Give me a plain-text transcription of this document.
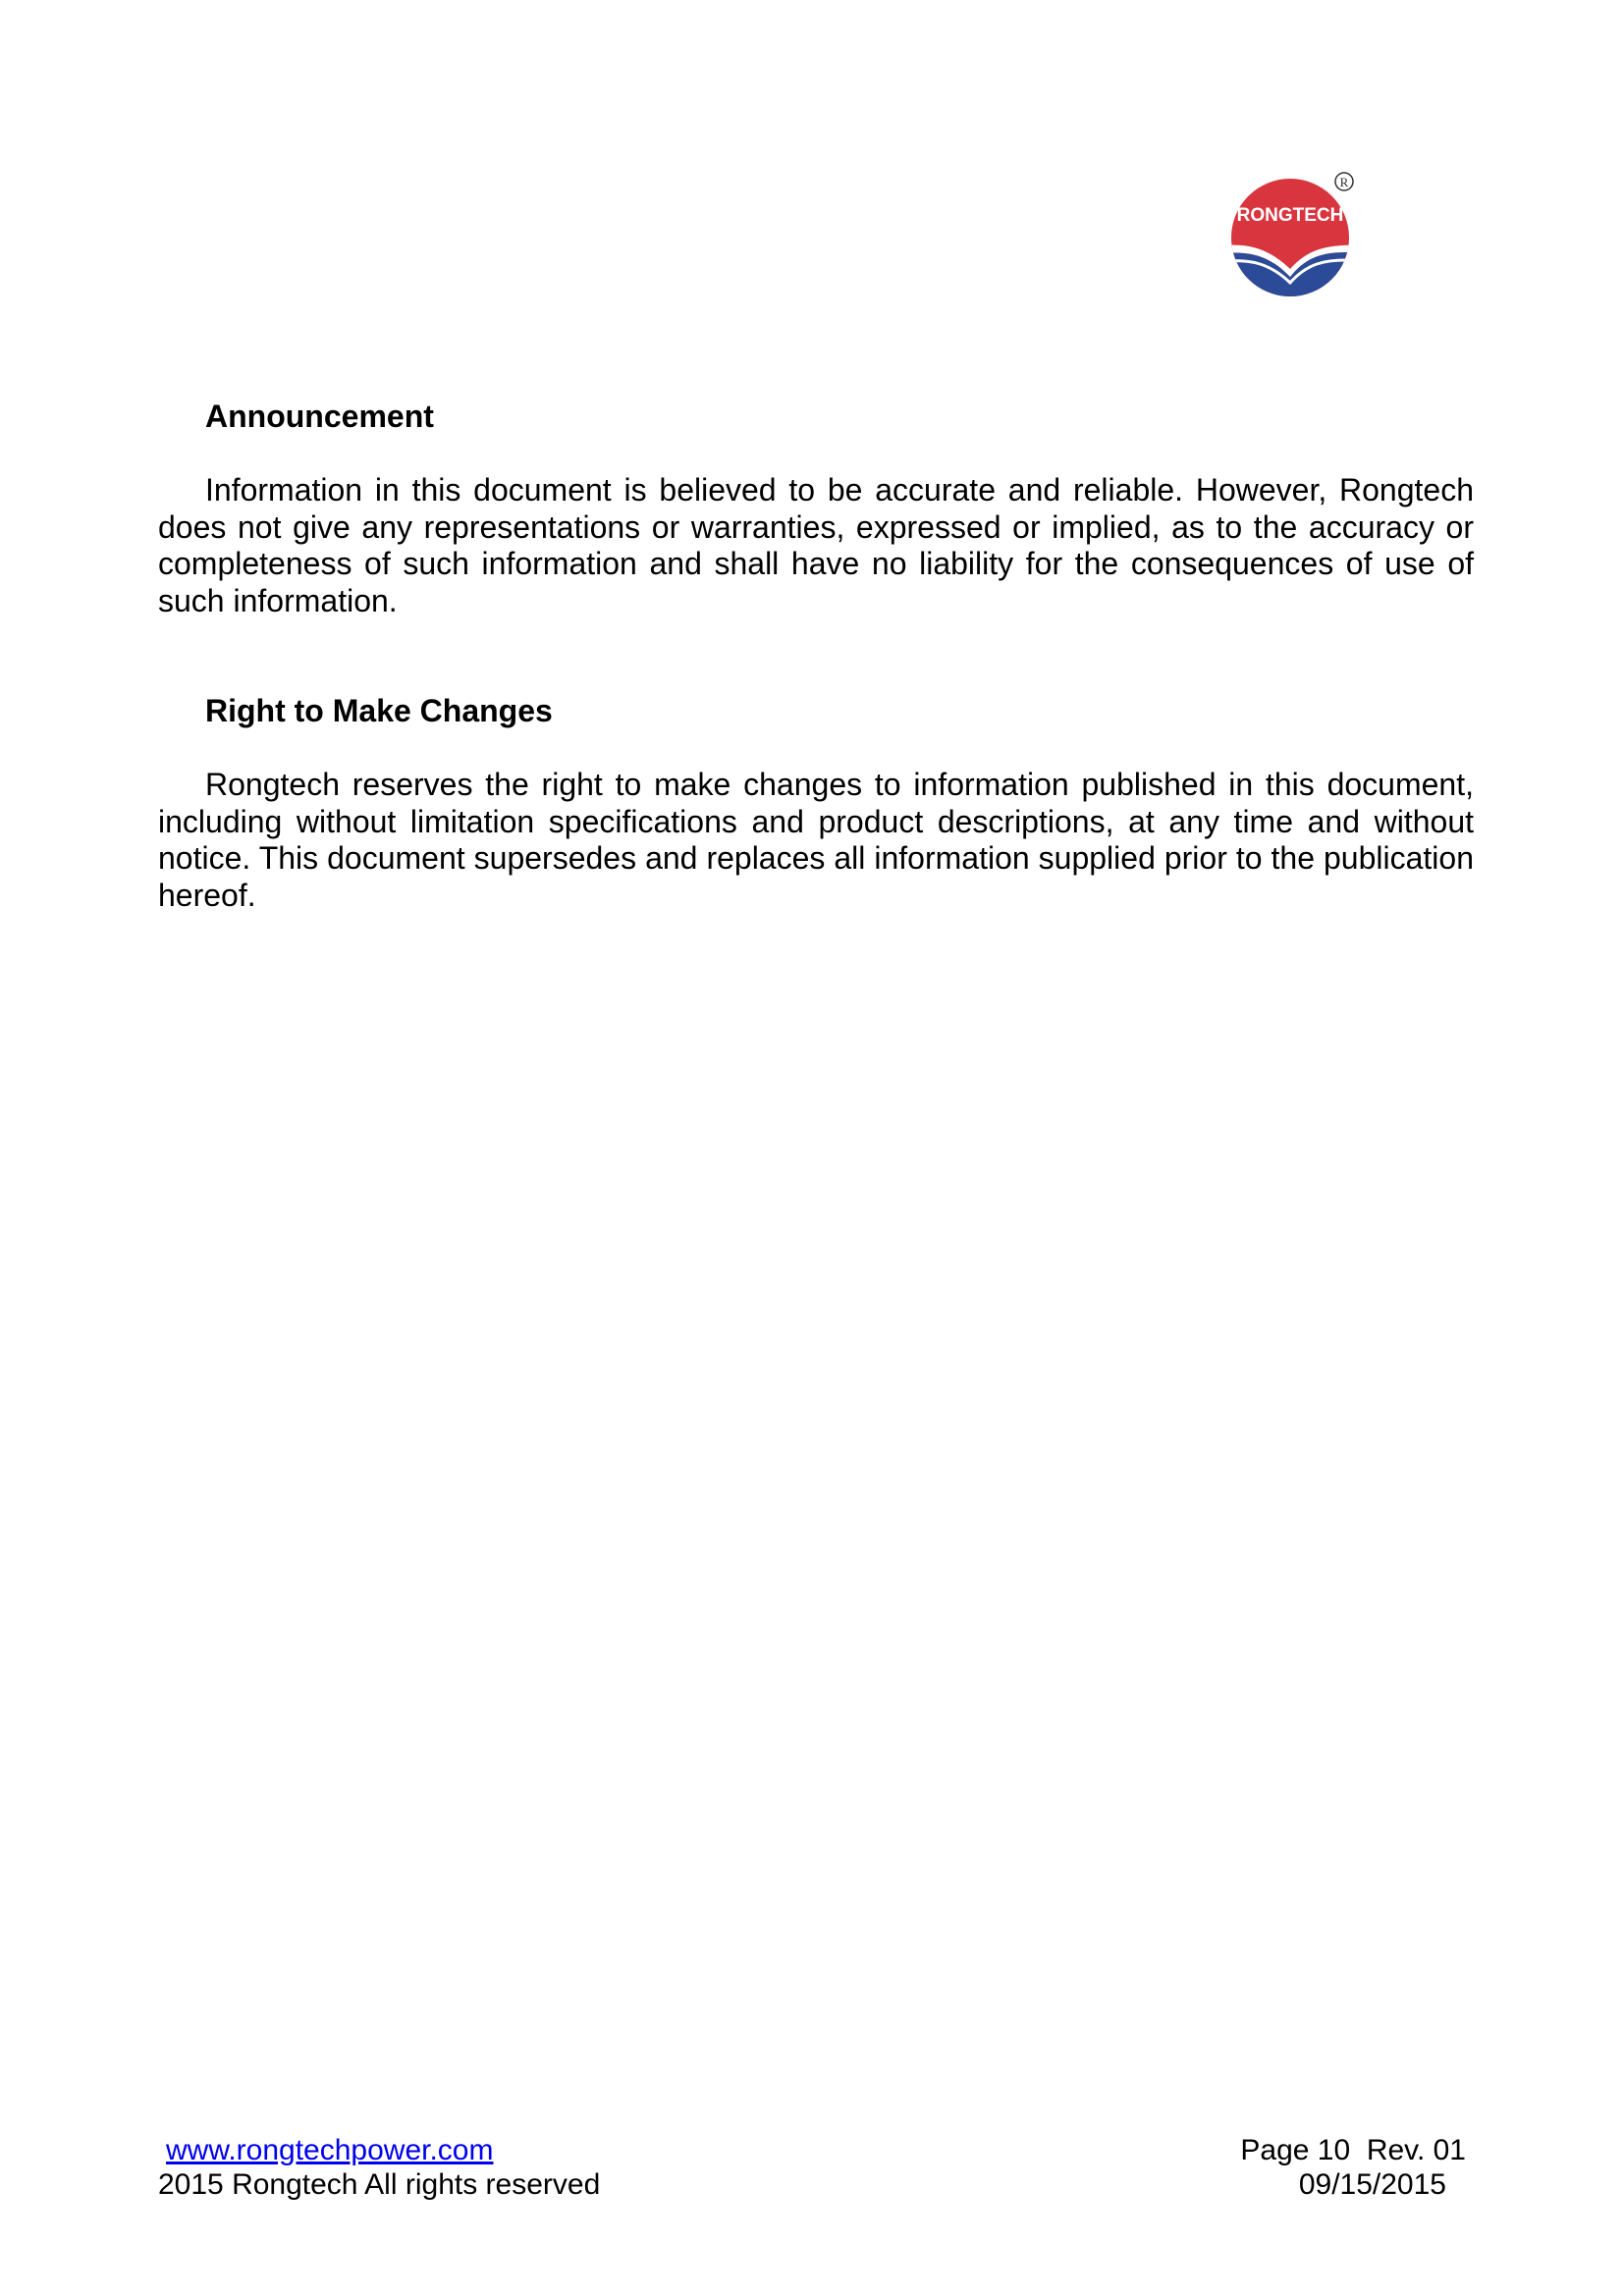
RONGTECH
R
Announcement

Information in this document is believed to be accurate and reliable. However, Rongtech does not give any representations or warranties, expressed or implied, as to the accuracy or completeness of such information and shall have no liability for the consequences of use of such information.

Right to Make Changes

Rongtech reserves the right to make changes to information published in this document, including without limitation specifications and product descriptions, at any time and without notice. This document supersedes and replaces all information supplied prior to the publication hereof.

www.rongtechpower.com
2015 Rongtech All rights reserved
Page 10  Rev. 01

09/15/2015
